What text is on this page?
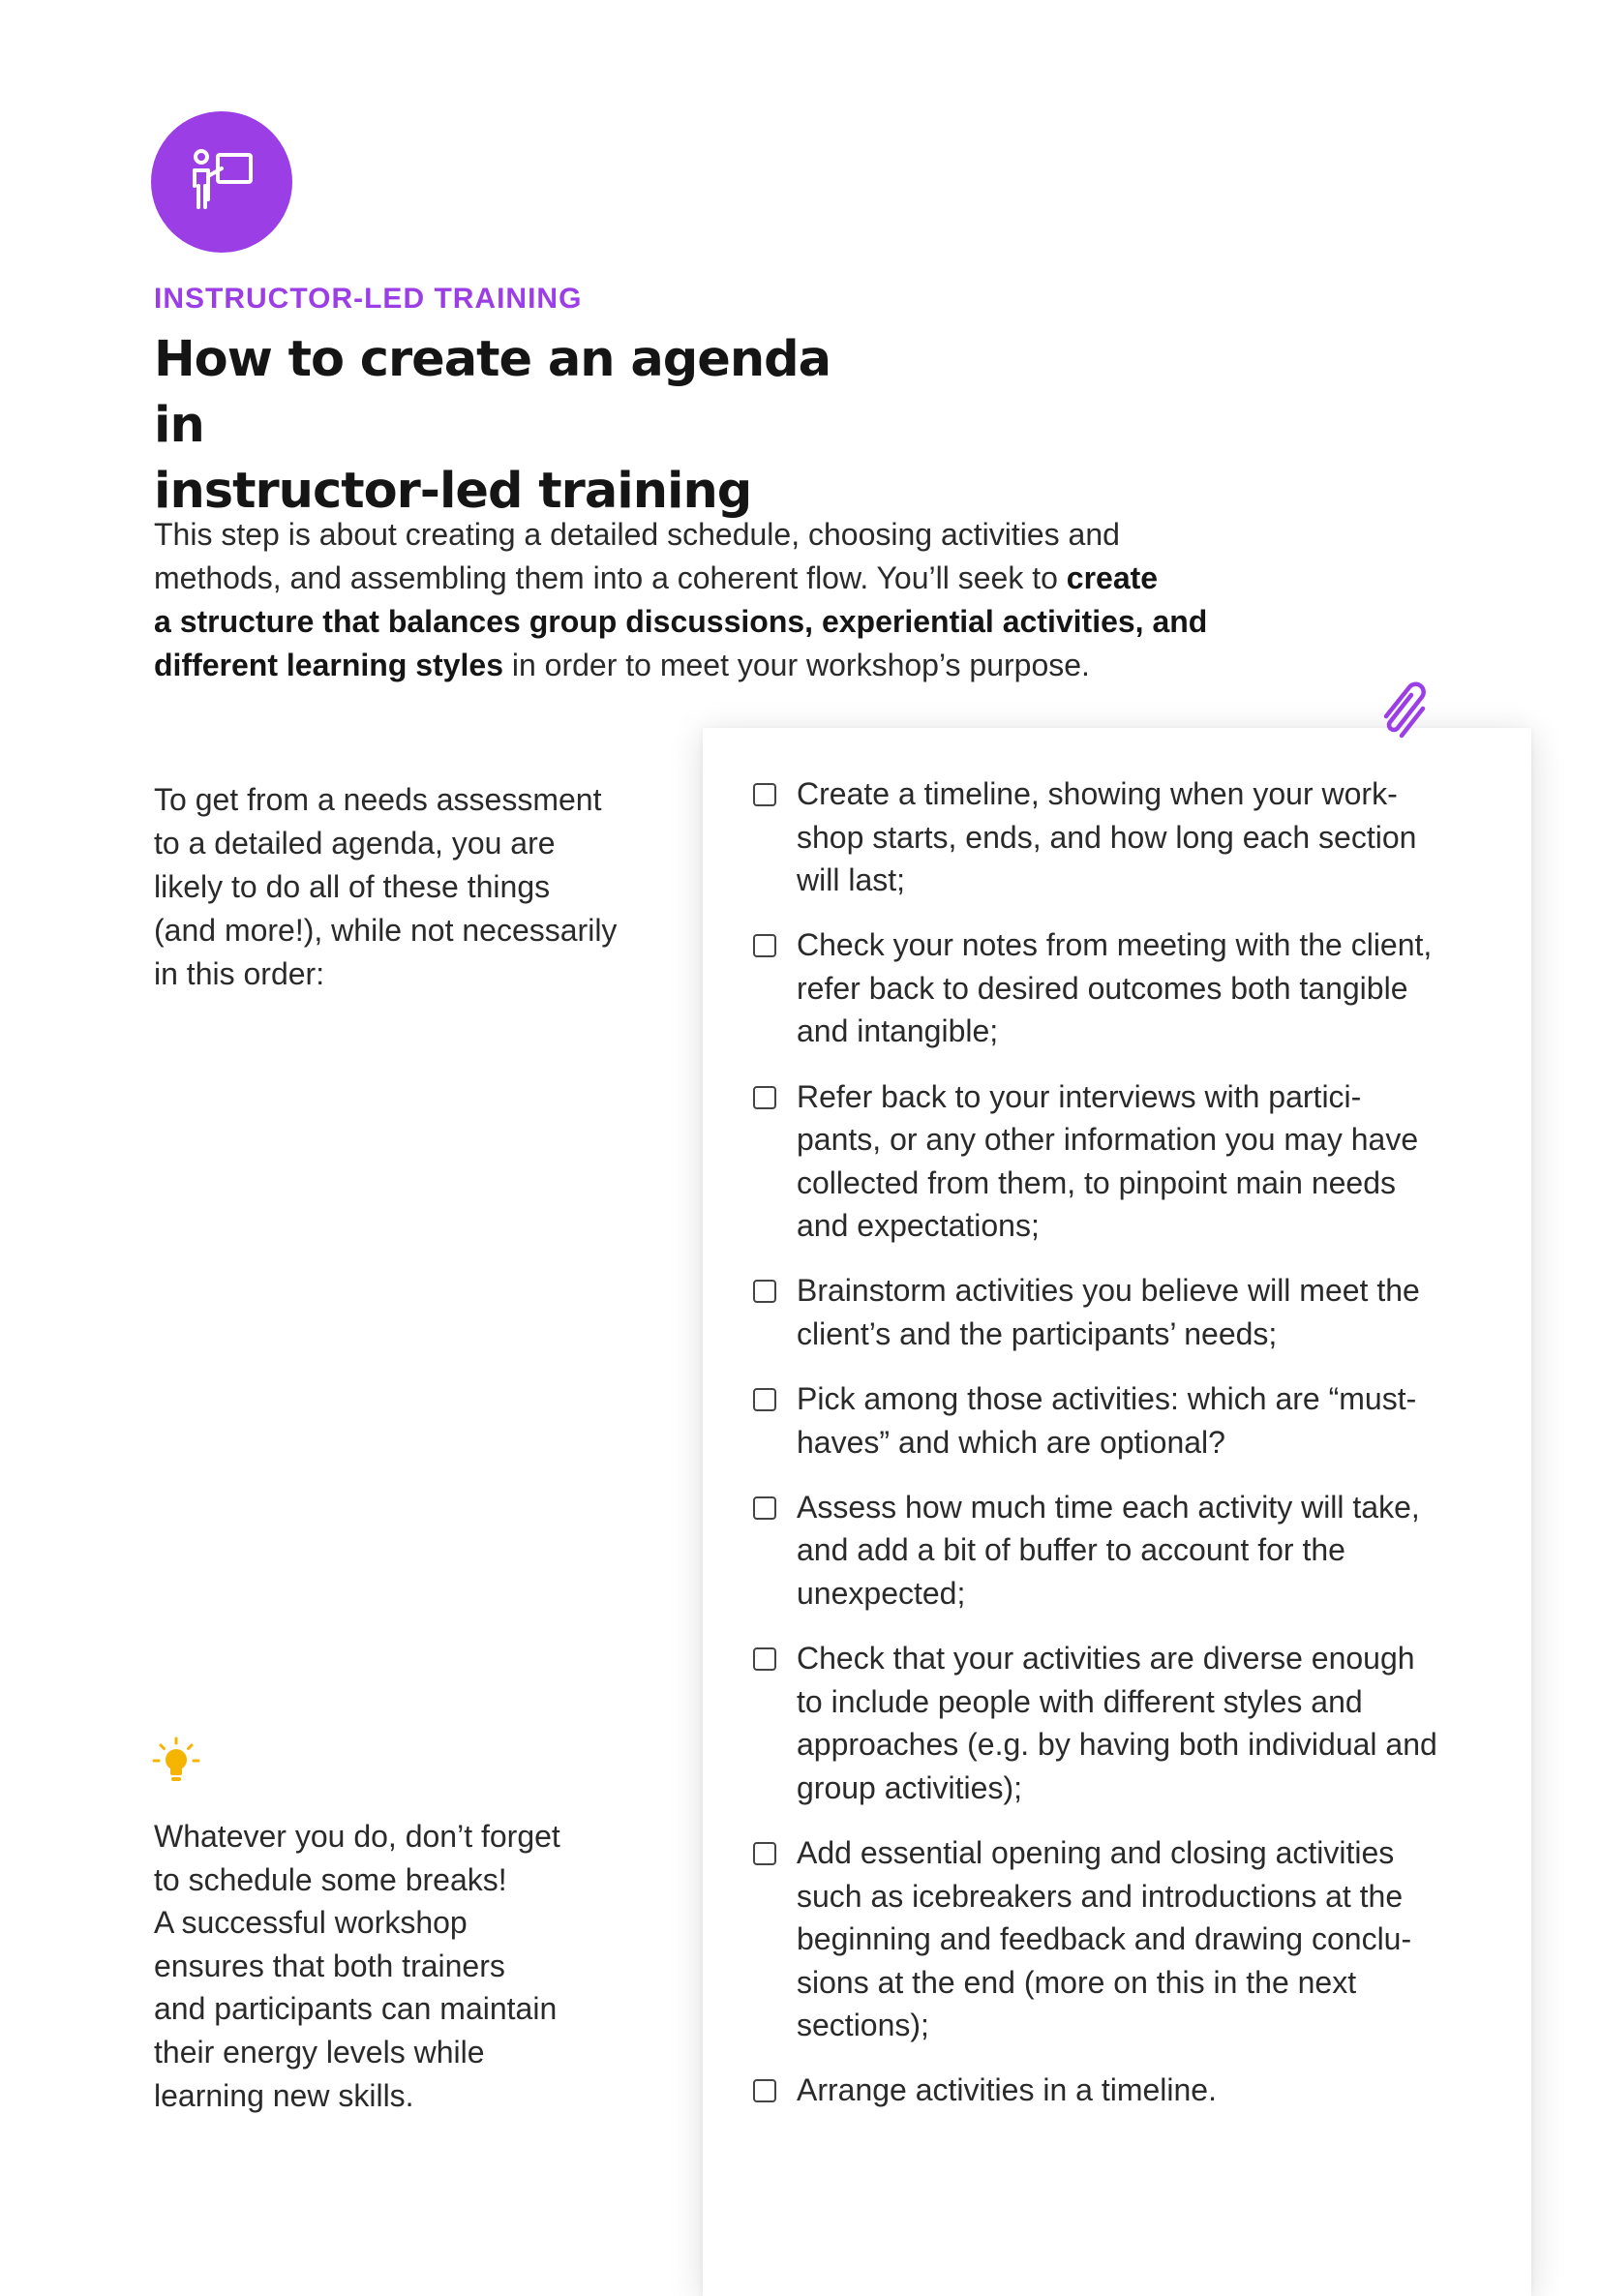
INSTRUCTOR-LED TRAINING

How to create an agenda in
instructor-led training

This step is about creating a detailed schedule, choosing activities and
methods, and assembling them into a coherent flow. You’ll seek to create
a structure that balances group discussions, experiential activities, and
different learning styles in order to meet your workshop’s purpose.

To get from a needs assessment
to a detailed agenda, you are
likely to do all of these things
(and more!), while not necessarily
in this order:

Whatever you do, don’t forget
to schedule some breaks!
A successful workshop
ensures that both trainers
and participants can maintain
their energy levels while
learning new skills.

Create a timeline, showing when your work-
shop starts, ends, and how long each section
will last;
Check your notes from meeting with the client,
refer back to desired outcomes both tangible
and intangible;
Refer back to your interviews with partici-
pants, or any other information you may have
collected from them, to pinpoint main needs
and expectations;
Brainstorm activities you believe will meet the
client’s and the participants’ needs;
Pick among those activities: which are “must-
haves” and which are optional?
Assess how much time each activity will take,
and add a bit of buffer to account for the
unexpected;
Check that your activities are diverse enough
to include people with different styles and
approaches (e.g. by having both individual and
group activities);
Add essential opening and closing activities
such as icebreakers and introductions at the
beginning and feedback and drawing conclu-
sions at the end (more on this in the next
sections);
Arrange activities in a timeline.
